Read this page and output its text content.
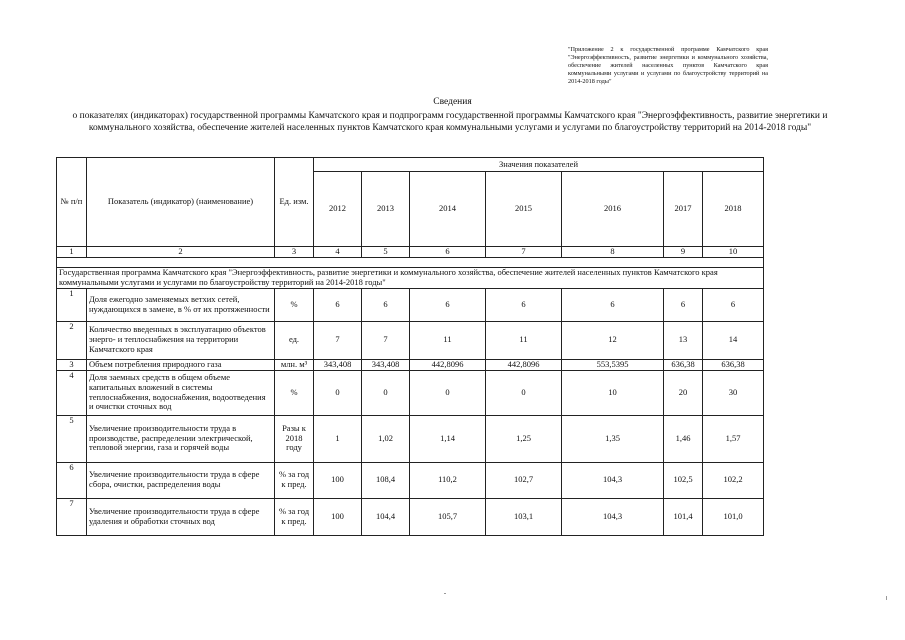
"Приложение 2 к государственной программе Камчатского края "Энергоэффективность, развитие энергетики и коммунального хозяйства, обеспечение жителей населенных пунктов Камчатского края коммунальными услугами и услугами по благоустройству территорий на 2014-2018 годы"
Сведения
о показателях (индикаторах) государственной программы Камчатского края и подпрограмм государственной программы Камчатского края "Энергоэффективность, развитие энергетики и коммунального хозяйства, обеспечение жителей населенных пунктов Камчатского края коммунальными услугами и услугами по благоустройству территорий на 2014-2018 годы"
№ п/п	Показатель (индикатор) (наименование)	Ед. изм.	Значения показателей						
			2012	2013	2014	2015	2016	2017	2018
1	2	3	4	5	6	7	8	9	10

Государственная программа Камчатского края "Энергоэффективность, развитие энергетики и коммунального хозяйства, обеспечение жителей населенных пунктов Камчатского края коммунальными услугами и услугами по благоустройству территорий на 2014-2018 годы"									
1	Доля ежегодно заменяемых ветхих сетей, нуждающихся в замене, в % от их протяженности	%	6	6	6	6	6	6	6
2	Количество введенных в эксплуатацию объектов энерго- и теплоснабжения на территории Камчатского края	ед.	7	7	11	11	12	13	14
3	Объем потребления природного газа	млн. м³	343,408	343,408	442,8096	442,8096	553,5395	636,38	636,38
4	Доля заемных средств в общем объеме капитальных вложений в системы теплоснабжения, водоснабжения, водоотведения и очистки сточных вод	%	0	0	0	0	10	20	30
5	Увеличение производительности труда в производстве, распределении электрической, тепловой энергии, газа и горячей воды	Разы к 2018 году	1	1,02	1,14	1,25	1,35	1,46	1,57
6	Увеличение производительности труда в сфере сбора, очистки, распределения воды	% за год к пред.	100	108,4	110,2	102,7	104,3	102,5	102,2
7	Увеличение производительности труда в сфере удаления и обработки сточных вод	% за год к пред.	100	104,4	105,7	103,1	104,3	101,4	101,0
